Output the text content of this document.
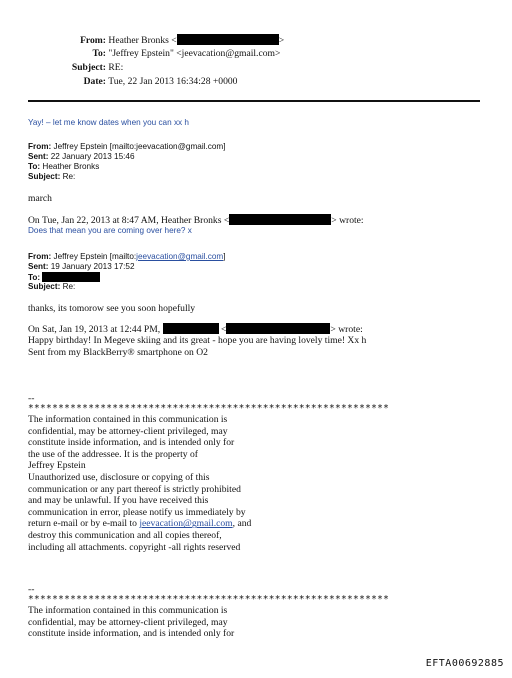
From: Heather Bronks <	>
To: "Jeffrey Epstein" <jeevacation@gmail.com>
Subject: RE:
Date: Tue, 22 Jan 2013 16:34:28 +0000
Yay! – let me know dates when you can xx h
From: Jeffrey Epstein [mailto:jeevacation@gmail.com]
Sent: 22 January 2013 15:46
To: Heather Bronks
Subject: Re:
march
On Tue, Jan 22, 2013 at 8:47 AM, Heather Bronks <	> wrote:
Does that mean you are coming over here? x
From: Jeffrey Epstein [mailto:jeevacation@gmail.com]
Sent: 19 January 2013 17:52
To:
Subject: Re:
thanks, its tomorow see you soon hopefully
On Sat, Jan 19, 2013 at 12:44 PM,	<	> wrote:
Happy birthday! In Megeve skiing and its great - hope you are having lovely time! Xx h
Sent from my BlackBerry® smartphone on O2
--
************************************************************
The information contained in this communication is
confidential, may be attorney-client privileged, may
constitute inside information, and is intended only for
the use of the addressee. It is the property of
Jeffrey Epstein
Unauthorized use, disclosure or copying of this
communication or any part thereof is strictly prohibited
and may be unlawful. If you have received this
communication in error, please notify us immediately by
return e-mail or by e-mail to jeevacation@gmail.com, and
destroy this communication and all copies thereof,
including all attachments. copyright -all rights reserved
--
************************************************************
The information contained in this communication is
confidential, may be attorney-client privileged, may
constitute inside information, and is intended only for
EFTA00692885
